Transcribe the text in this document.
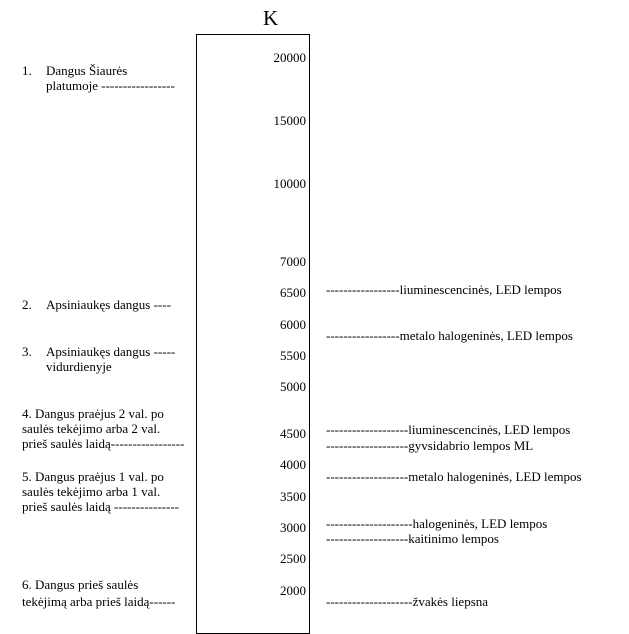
K
20000
15000
10000
7000
6500
6000
5500
5000
4500
4000
3500
3000
2500
2000
1. Dangus Šiaurės
platumoje -----------------
2. Apsiniaukęs dangus ----
3. Apsiniaukęs dangus -----
vidurdienyje
4. Dangus praėjus 2 val. po
saulės tekėjimo arba 2 val.
prieš saulės laidą-----------------
5. Dangus praėjus 1 val. po
saulės tekėjimo arba 1 val.
prieš saulės laidą ---------------
6. Dangus prieš saulės
tekėjimą arba prieš laidą------
-----------------liuminescencinės, LED lempos
-----------------metalo halogeninės, LED lempos
-------------------liuminescencinės, LED lempos
-------------------gyvsidabrio lempos ML
-------------------metalo halogeninės, LED lempos
--------------------halogeninės, LED lempos
-------------------kaitinimo lempos
--------------------žvakės liepsna
